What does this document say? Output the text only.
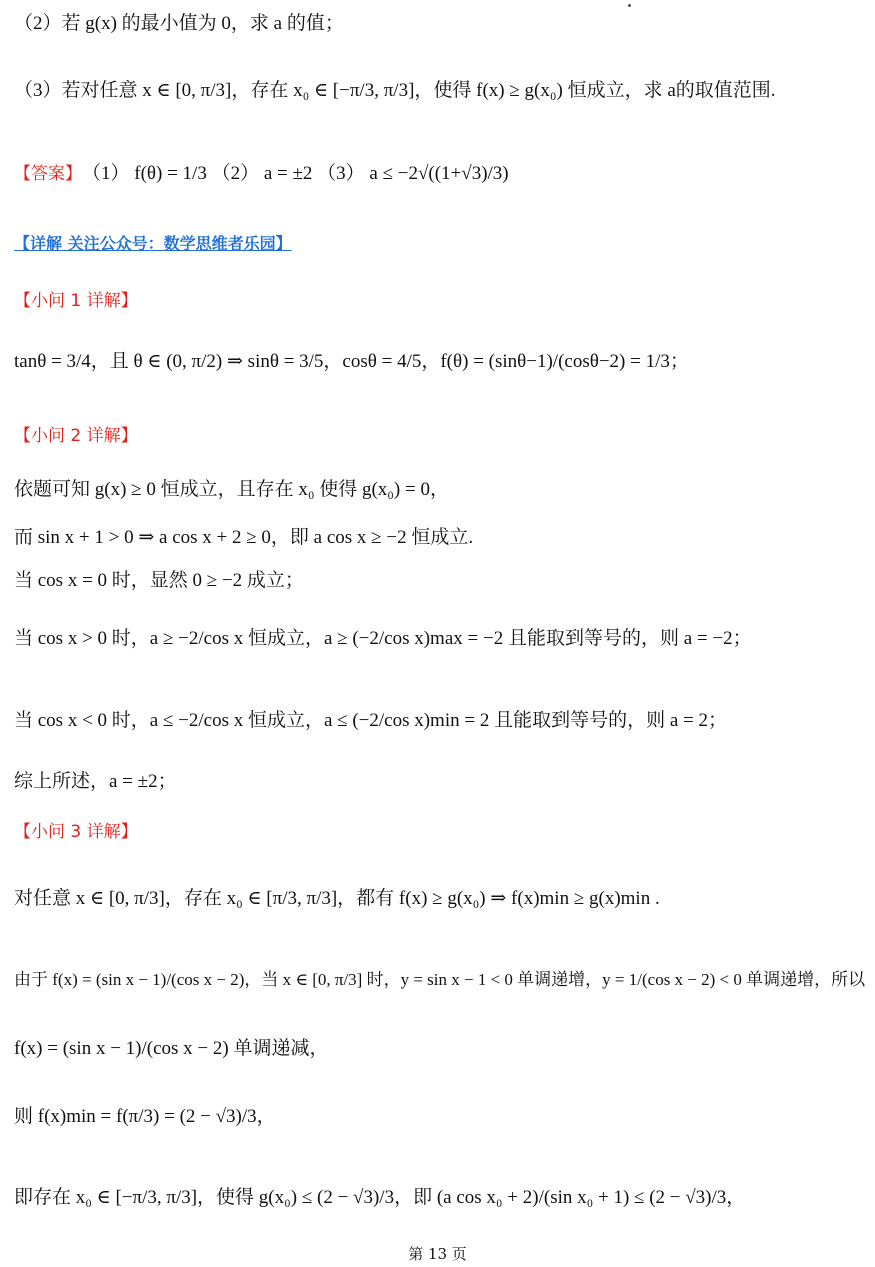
（2）若 g(x) 的最小值为 0，求 a 的值；
（3）若对任意 x ∈ [0, π/3]，存在 x₀ ∈ [−π/3, π/3]，使得 f(x) ≥ g(x₀) 恒成立，求 a的取值范围.
【答案】 （1） f(θ) = 1/3 （2） a = ±2 （3） a ≤ −2√((1+√3)/3)
【详解 关注公众号：数学思维者乐园】
【小问 1 详解】
tanθ = 3/4，且 θ ∈ (0, π/2) ⇒ sinθ = 3/5，cosθ = 4/5，f(θ) = (sinθ−1)/(cosθ−2) = 1/3；
【小问 2 详解】
依题可知 g(x) ≥ 0 恒成立，且存在 x₀ 使得 g(x₀) = 0，
而 sin x + 1 > 0 ⇒ a cos x + 2 ≥ 0，即 a cos x ≥ −2 恒成立.
当 cos x = 0 时，显然 0 ≥ −2 成立；
当 cos x > 0 时，a ≥ −2/cos x 恒成立，a ≥ (−2/cos x)max = −2 且能取到等号的，则 a = −2；
当 cos x < 0 时，a ≤ −2/cos x 恒成立，a ≤ (−2/cos x)min = 2 且能取到等号的，则 a = 2；
综上所述，a = ±2；
【小问 3 详解】
对任意 x ∈ [0, π/3]，存在 x₀ ∈ [π/3, π/3]，都有 f(x) ≥ g(x₀) ⇒ f(x)min ≥ g(x)min .
由于 f(x) = (sin x − 1)/(cos x − 2)，当 x ∈ [0, π/3] 时，y = sin x − 1 < 0 单调递增，y = 1/(cos x − 2) < 0 单调递增，所以
f(x) = (sin x − 1)/(cos x − 2) 单调递减，
则 f(x)min = f(π/3) = (2 − √3)/3，
即存在 x₀ ∈ [−π/3, π/3]，使得 g(x₀) ≤ (2 − √3)/3，即 (a cos x₀ + 2)/(sin x₀ + 1) ≤ (2 − √3)/3，
第 13 页
